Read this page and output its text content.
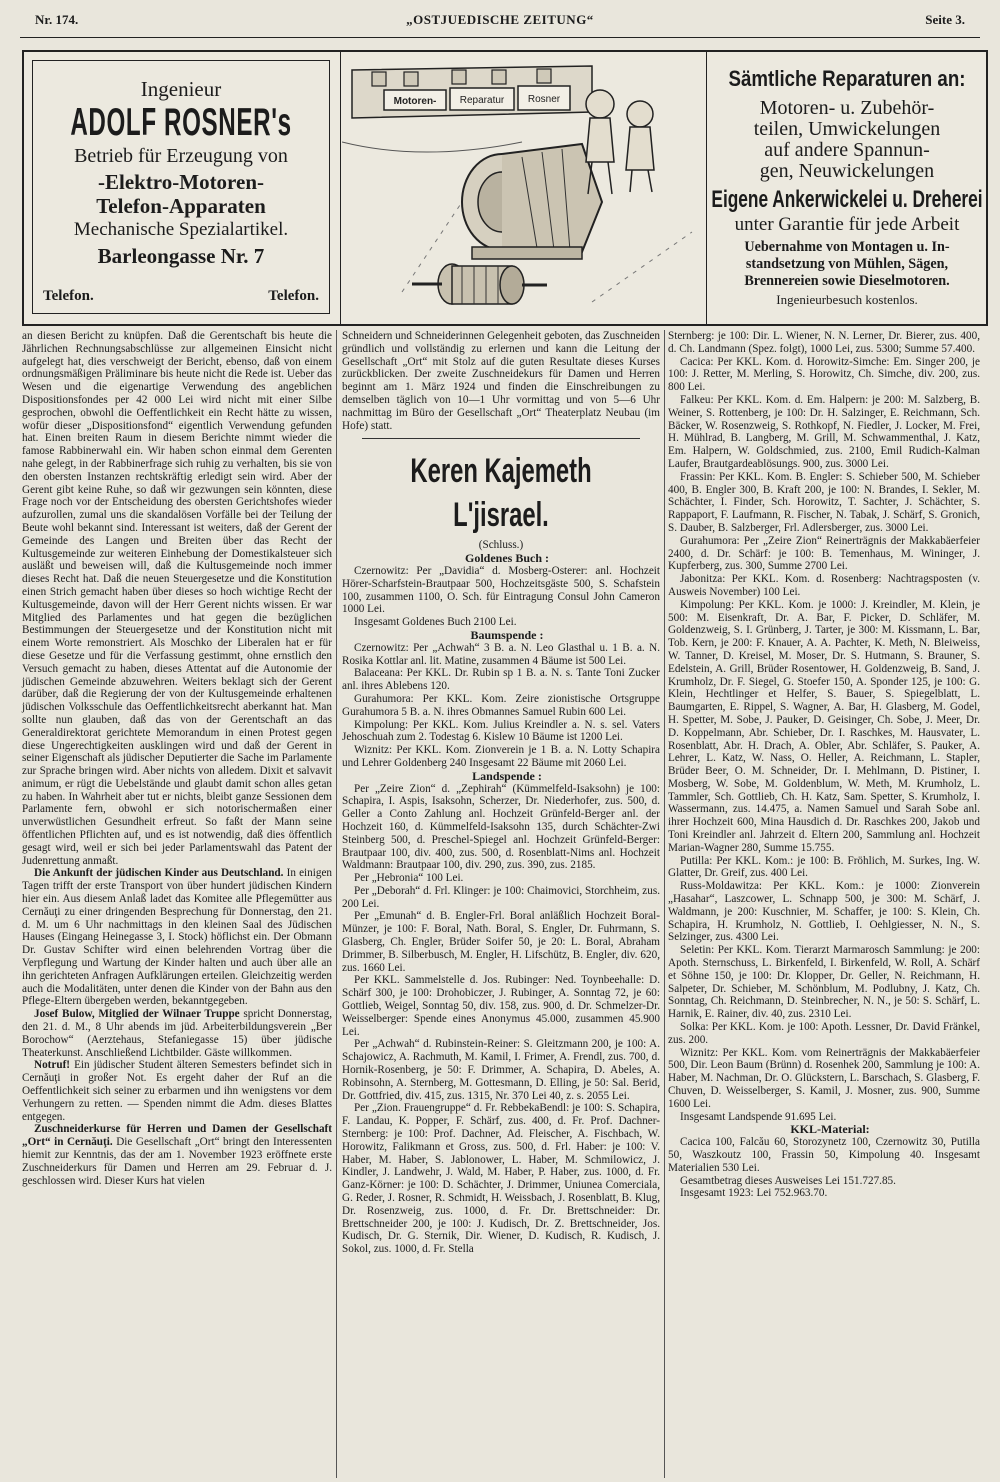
Nr. 174.	„OSTJUEDISCHE ZEITUNG“	Seite 3.
Ingenieur
ADOLF ROSNER's
Betrieb für Erzeugung von
-Elektro-Motoren-
Telefon-Apparaten
Mechanische Spezialartikel.
Barleongasse Nr. 7
Telefon.	Telefon.
Motoren- Reparatur Rosner
Sämtliche Reparaturen an:
Motoren- u. Zubehör-
teilen, Umwickelungen
auf andere Spannun-
gen, Neuwickelungen
Eigene Ankerwickelei u. Dreherei
unter Garantie für jede Arbeit
Uebernahme von Montagen u. In-
standsetzung von Mühlen, Sägen,
Brennereien sowie Dieselmotoren.
Ingenieurbesuch kostenlos.

an diesen Bericht zu knüpfen. Daß die Gerentschaft bis heute die Jährlichen Rechnungsabschlüsse zur allgemeinen Einsicht nicht aufgelegt hat, dies verschweigt der Bericht, ebenso, daß von einem ordnungsmäßigen Präliminare bis heute nicht die Rede ist. Ueber das Wesen und die eigenartige Verwendung des angeblichen Dispositionsfondes per 42 000 Lei wird nicht mit einer Silbe gesprochen, obwohl die Oeffentlichkeit ein Recht hätte zu wissen, wofür dieser „Dispositionsfond“ eigentlich Verwendung gefunden hat. Einen breiten Raum in diesem Berichte nimmt wieder die famose Rabbinerwahl ein. Wir haben schon einmal dem Gerenten nahe gelegt, in der Rabbinerfrage sich ruhig zu verhalten, bis sie von den obersten Instanzen rechtskräftig erledigt sein wird. Aber der Gerent gibt keine Ruhe, so daß wir gezwungen sein könnten, diese Frage noch vor der Entscheidung des obersten Gerichtshofes wieder aufzurollen, zumal uns die skandalösen Vorfälle bei der Teilung der Beute wohl bekannt sind. Interessant ist weiters, daß der Gerent der Gemeinde des Langen und Breiten über das Recht der Kultusgemeinde zur weiteren Einhebung der Domestikalsteuer sich ausläßt und beweisen will, daß die Kultusgemeinde noch immer dieses Recht hat. Daß die neuen Steuergesetze und die Konstitution einen Strich gemacht haben über dieses so hoch wichtige Recht der Kultusgemeinde, davon will der Herr Gerent nichts wissen. Er war Mitglied des Parlamentes und hat gegen die bezüglichen Bestimmungen der Steuergesetze und der Konstitution nicht mit einem Worte remonstriert. Als Moschko der Liberalen hat er für diese Gesetze und für die Verfassung gestimmt, ohne ernstlich den Versuch gemacht zu haben, dieses Attentat auf die Autonomie der jüdischen Gemeinde abzuwehren. Weiters beklagt sich der Gerent darüber, daß die Regierung der von der Kultusgemeinde erhaltenen jüdischen Volksschule das Oeffentlichkeitsrecht aberkannt hat. Man sollte nun glauben, daß das von der Gerentschaft an das Generaldirektorat gerichtete Memorandum in einen Protest gegen diese Ungerechtigkeiten ausklingen wird und daß der Gerent in seiner Eigenschaft als jüdischer Deputierter die Sache im Parlamente zur Sprache bringen wird. Aber nichts von alledem. Dixit et salvavit animum, er rügt die Uebelstände und glaubt damit schon alles getan zu haben. In Wahrheit aber tut er nichts, bleibt ganze Sessionen dem Parlamente fern, obwohl er sich notorischermaßen einer unverwüstlichen Gesundheit erfreut. So faßt der Mann seine öffentlichen Pflichten auf, und es ist notwendig, daß dies öffentlich gesagt wird, weil er sich bei jeder Parlamentswahl das Patent der Judenrettung anmaßt.

Die Ankunft der jüdischen Kinder aus Deutschland. In einigen Tagen trifft der erste Transport von über hundert jüdischen Kindern hier ein. Aus diesem Anlaß ladet das Komitee alle Pflegemütter aus Cernăuţi zu einer dringenden Besprechung für Donnerstag, den 21. d. M. um 6 Uhr nachmittags in den kleinen Saal des Jüdischen Hauses (Eingang Heinegasse 3, I. Stock) höflichst ein. Der Obmann Dr. Gustav Schifter wird einen belehrenden Vortrag über die Verpflegung und Wartung der Kinder halten und auch über alle an ihn gerichteten Anfragen Aufklärungen erteilen. Gleichzeitig werden auch die Modalitäten, unter denen die Kinder von der Bahn aus den Pflege-Eltern übergeben werden, bekanntgegeben.

Josef Bulow, Mitglied der Wilnaer Truppe spricht Donnerstag, den 21. d. M., 8 Uhr abends im jüd. Arbeiterbildungsverein „Ber Borochow“ (Aerztehaus, Stefaniegasse 15) über jüdische Theaterkunst. Anschließend Lichtbilder. Gäste willkommen.

Notruf! Ein jüdischer Student älteren Semesters befindet sich in Cernăuţi in großer Not. Es ergeht daher der Ruf an die Oeffentlichkeit sich seiner zu erbarmen und ihn wenigstens vor dem Verhungern zu retten. — Spenden nimmt die Adm. dieses Blattes entgegen.

Zuschneiderkurse für Herren und Damen der Gesellschaft „Ort“ in Cernăuţi. Die Gesellschaft „Ort“ bringt den Interessenten hiemit zur Kenntnis, das der am 1. November 1923 eröffnete erste Zuschneiderkurs für Damen und Herren am 29. Februar d. J. geschlossen wird. Dieser Kurs hat vielen

Schneidern und Schneiderinnen Gelegenheit geboten, das Zuschneiden gründlich und vollständig zu erlernen und kann die Leitung der Gesellschaft „Ort“ mit Stolz auf die guten Resultate dieses Kurses zurückblicken. Der zweite Zuschneidekurs für Damen und Herren beginnt am 1. März 1924 und finden die Einschreibungen zu demselben täglich von 10—1 Uhr vormittag und von 5—6 Uhr nachmittag im Büro der Gesellschaft „Ort“ Theaterplatz Neubau (im Hofe) statt.

Keren Kajemeth L'jisrael.

(Schluss.)

Goldenes Buch :

Czernowitz: Per „Davidia“ d. Mosberg-Osterer: anl. Hochzeit Hörer-Scharfstein-Brautpaar 500, Hochzeitsgäste 500, S. Schafstein 100, zusammen 1100, O. Sch. für Eintragung Consul John Cameron 1000 Lei.

Insgesamt Goldenes Buch 2100 Lei.

Baumspende :

Czernowitz: Per „Achwah“ 3 B. a. N. Leo Glasthal u. 1 B. a. N. Rosika Kottlar anl. lit. Matine, zusammen 4 Bäume ist 500 Lei.

Balaceana: Per KKL. Dr. Rubin sp 1 B. a. N. s. Tante Toni Zucker anl. ihres Ablebens 120.

Gurahumora: Per KKL. Kom. Zeire zionistische Ortsgruppe Gurahumora 5 B. a. N. ihres Obmannes Samuel Rubin 600 Lei.

Kimpolung: Per KKL. Kom. Julius Kreindler a. N. s. sel. Vaters Jehoschuah zum 2. Todestag 6. Kislew 10 Bäume ist 1200 Lei.

Wiznitz: Per KKL. Kom. Zionverein je 1 B. a. N. Lotty Schapira und Lehrer Goldenberg 240 Insgesamt 22 Bäume mit 2060 Lei.

Landspende :

Per „Zeire Zion“ d. „Zephirah“ (Kümmelfeld-Isaksohn) je 100: Schapira, I. Aspis, Isaksohn, Scherzer, Dr. Niederhofer, zus. 500, d. Geller a Conto Zahlung anl. Hochzeit Grünfeld-Berger anl. der Hochzeit 160, d. Kümmelfeld-Isaksohn 135, durch Schächter-Zwi Steinberg 500, d. Preschel-Spiegel anl. Hochzeit Grünfeld-Berger: Brautpaar 100, div. 400, zus. 500, d. Rosenblatt-Nims anl. Hochzeit Waldmann: Brautpaar 100, div. 290, zus. 390, zus. 2185.

Per „Hebronia“ 100 Lei.

Per „Deborah“ d. Frl. Klinger: je 100: Chaimovici, Storchheim, zus. 200 Lei.

Per „Emunah“ d. B. Engler-Frl. Boral anläßlich Hochzeit Boral-Münzer, je 100: F. Boral, Nath. Boral, S. Engler, Dr. Fuhrmann, S. Glasberg, Ch. Engler, Brüder Soifer 50, je 20: L. Boral, Abraham Drimmer, B. Silberbusch, M. Engler, H. Lifschütz, B. Engler, div. 620, zus. 1660 Lei.

Per KKL. Sammelstelle d. Jos. Rubinger: Ned. Toynbeehalle: D. Schärf 300, je 100: Drohobiczer, J. Rubinger, A. Sonntag 72, je 60: Gottlieb, Weigel, Sonntag 50, div. 158, zus. 900, d. Dr. Schmelzer-Dr. Weisselberger: Spende eines Anonymus 45.000, zusammen 45.900 Lei.

Per „Achwah“ d. Rubinstein-Reiner: S. Gleitzmann 200, je 100: A. Schajowicz, A. Rachmuth, M. Kamil, I. Frimer, A. Frendl, zus. 700, d. Hornik-Rosenberg, je 50: F. Drimmer, A. Schapira, D. Abeles, A. Robinsohn, A. Sternberg, M. Gottesmann, D. Elling, je 50: Sal. Berid, Dr. Gottfried, div. 415, zus. 1315, Nr. 370 Lei 40, z. s. 2055 Lei.

Per „Zion. Frauengruppe“ d. Fr. RebbekaBendl: je 100: S. Schapira, F. Landau, K. Popper, F. Schärf, zus. 400, d. Fr. Prof. Dachner-Sternberg: je 100: Prof. Dachner, Ad. Fleischer, A. Fischbach, W. Horowitz, Falikmann et Gross, zus. 500, d. Frl. Haber: je 100: V. Haber, M. Haber, S. Jablonower, L. Haber, M. Schmilowicz, J. Kindler, J. Landwehr, J. Wald, M. Haber, P. Haber, zus. 1000, d. Fr. Ganz-Körner: je 100: D. Schächter, J. Drimmer, Uniunea Comerciala, G. Reder, J. Rosner, R. Schmidt, H. Weissbach, J. Rosenblatt, B. Klug, Dr. Rosenzweig, zus. 1000, d. Fr. Dr. Brettschneider: Dr. Brettschneider 200, je 100: J. Kudisch, Dr. Z. Brettschneider, Jos. Kudisch, Dr. G. Sternik, Dir. Wiener, D. Kudisch, R. Kudisch, J. Sokol, zus. 1000, d. Fr. Stella

Sternberg: je 100: Dir. L. Wiener, N. N. Lerner, Dr. Bierer, zus. 400, d. Ch. Landmann (Spez. folgt), 1000 Lei, zus. 5300; Summe 57.400.

Cacica: Per KKL. Kom. d. Horowitz-Simche: Em. Singer 200, je 100: J. Retter, M. Merling, S. Horowitz, Ch. Simche, div. 200, zus. 800 Lei.

Falkeu: Per KKL. Kom. d. Em. Halpern: je 200: M. Salzberg, B. Weiner, S. Rottenberg, je 100: Dr. H. Salzinger, E. Reichmann, Sch. Bäcker, W. Rosenzweig, S. Rothkopf, N. Fiedler, J. Locker, M. Frei, H. Mühlrad, B. Langberg, M. Grill, M. Schwammenthal, J. Katz, Em. Halpern, W. Goldschmied, zus. 2100, Emil Rudich-Kalman Laufer, Brautgardeablösungs. 900, zus. 3000 Lei.

Frassin: Per KKL. Kom. B. Engler: S. Schieber 500, M. Schieber 400, B. Engler 300, B. Kraft 200, je 100: N. Brandes, I. Sekler, M. Schächter, I. Finder, Sch. Horowitz, T. Sachter, J. Schächter, S. Rappaport, F. Laufmann, R. Fischer, N. Tabak, J. Schärf, S. Gronich, S. Dauber, B. Salzberger, Frl. Adlersberger, zus. 3000 Lei.

Gurahumora: Per „Zeire Zion“ Reinerträgnis der Makkabäerfeier 2400, d. Dr. Schärf: je 100: B. Temenhaus, M. Wininger, J. Kupferberg, zus. 300, Summe 2700 Lei.

Jabonitza: Per KKL. Kom. d. Rosenberg: Nachtragsposten (v. Ausweis November) 100 Lei.

Kimpolung: Per KKL. Kom. je 1000: J. Kreindler, M. Klein, je 500: M. Eisenkraft, Dr. A. Bar, F. Picker, D. Schläfer, M. Goldenzweig, S. I. Grünberg, J. Tarter, je 300: M. Kissmann, L. Bar, Tob. Kern, je 200: F. Knauer, A. A. Pachter, K. Meth, N. Bleiweiss, W. Tanner, D. Kreisel, M. Moser, Dr. S. Hutmann, S. Brauner, S. Edelstein, A. Grill, Brüder Rosentower, H. Goldenzweig, B. Sand, J. Krumholz, Dr. F. Siegel, G. Stoefer 150, A. Sponder 125, je 100: G. Klein, Hechtlinger et Helfer, S. Bauer, S. Spiegelblatt, L. Baumgarten, E. Rippel, S. Wagner, A. Bar, H. Glasberg, M. Godel, H. Spetter, M. Sobe, J. Pauker, D. Geisinger, Ch. Sobe, J. Meer, Dr. D. Koppelmann, Abr. Schieber, Dr. I. Raschkes, M. Hausvater, L. Rosenblatt, Abr. H. Drach, A. Obler, Abr. Schläfer, S. Pauker, A. Lehrer, L. Katz, W. Nass, O. Heller, A. Reichmann, L. Stapler, Brüder Beer, O. M. Schneider, Dr. I. Mehlmann, D. Pistiner, I. Mosberg, W. Sobe, M. Goldenblum, W. Meth, M. Krumholz, L. Tammler, Sch. Gottlieb, Ch. H. Katz, Sam. Spetter, S. Krumholz, I. Wassermann, zus. 14.475, a. Namen Samuel und Sarah Sobe anl. ihrer Hochzeit 600, Mina Hausdich d. Dr. Raschkes 200, Jakob und Toni Kreindler anl. Jahrzeit d. Eltern 200, Sammlung anl. Hochzeit Marian-Wagner 280, Summe 15.755.

Putilla: Per KKL. Kom.: je 100: B. Fröhlich, M. Surkes, Ing. W. Glatter, Dr. Greif, zus. 400 Lei.

Russ-Moldawitza: Per KKL. Kom.: je 1000: Zionverein „Hasahar“, Laszcower, L. Schnapp 500, je 300: M. Schärf, J. Waldmann, je 200: Kuschnier, M. Schaffer, je 100: S. Klein, Ch. Schapira, H. Krumholz, N. Gottlieb, I. Oehlgiesser, N. N., S. Selzinger, zus. 4300 Lei.

Seletin: Per KKL. Kom. Tierarzt Marmarosch Sammlung: je 200: Apoth. Sternschuss, L. Birkenfeld, I. Birkenfeld, W. Roll, A. Schärf et Söhne 150, je 100: Dr. Klopper, Dr. Geller, N. Reichmann, H. Salpeter, Dr. Schieber, M. Schönblum, M. Podlubny, J. Katz, Ch. Sonntag, Ch. Reichmann, D. Steinbrecher, N. N., je 50: S. Schärf, L. Harnik, E. Rainer, div. 40, zus. 2310 Lei.

Solka: Per KKL. Kom. je 100: Apoth. Lessner, Dr. David Fränkel, zus. 200.

Wiznitz: Per KKL. Kom. vom Reinerträgnis der Makkabäerfeier 500, Dir. Leon Baum (Brünn) d. Rosenhek 200, Sammlung je 100: A. Haber, M. Nachman, Dr. O. Glückstern, L. Barschach, S. Glasberg, F. Chuven, D. Weisselberger, S. Kamil, J. Mosner, zus. 900, Summe 1600 Lei.

Insgesamt Landspende 91.695 Lei.

KKL-Material:

Cacica 100, Falcău 60, Storozynetz 100, Czernowitz 30, Putilla 50, Waszkoutz 100, Frassin 50, Kimpolung 40. Insgesamt Materialien 530 Lei.

Gesamtbetrag dieses Ausweises Lei 151.727.85.

Insgesamt 1923: Lei 752.963.70.
